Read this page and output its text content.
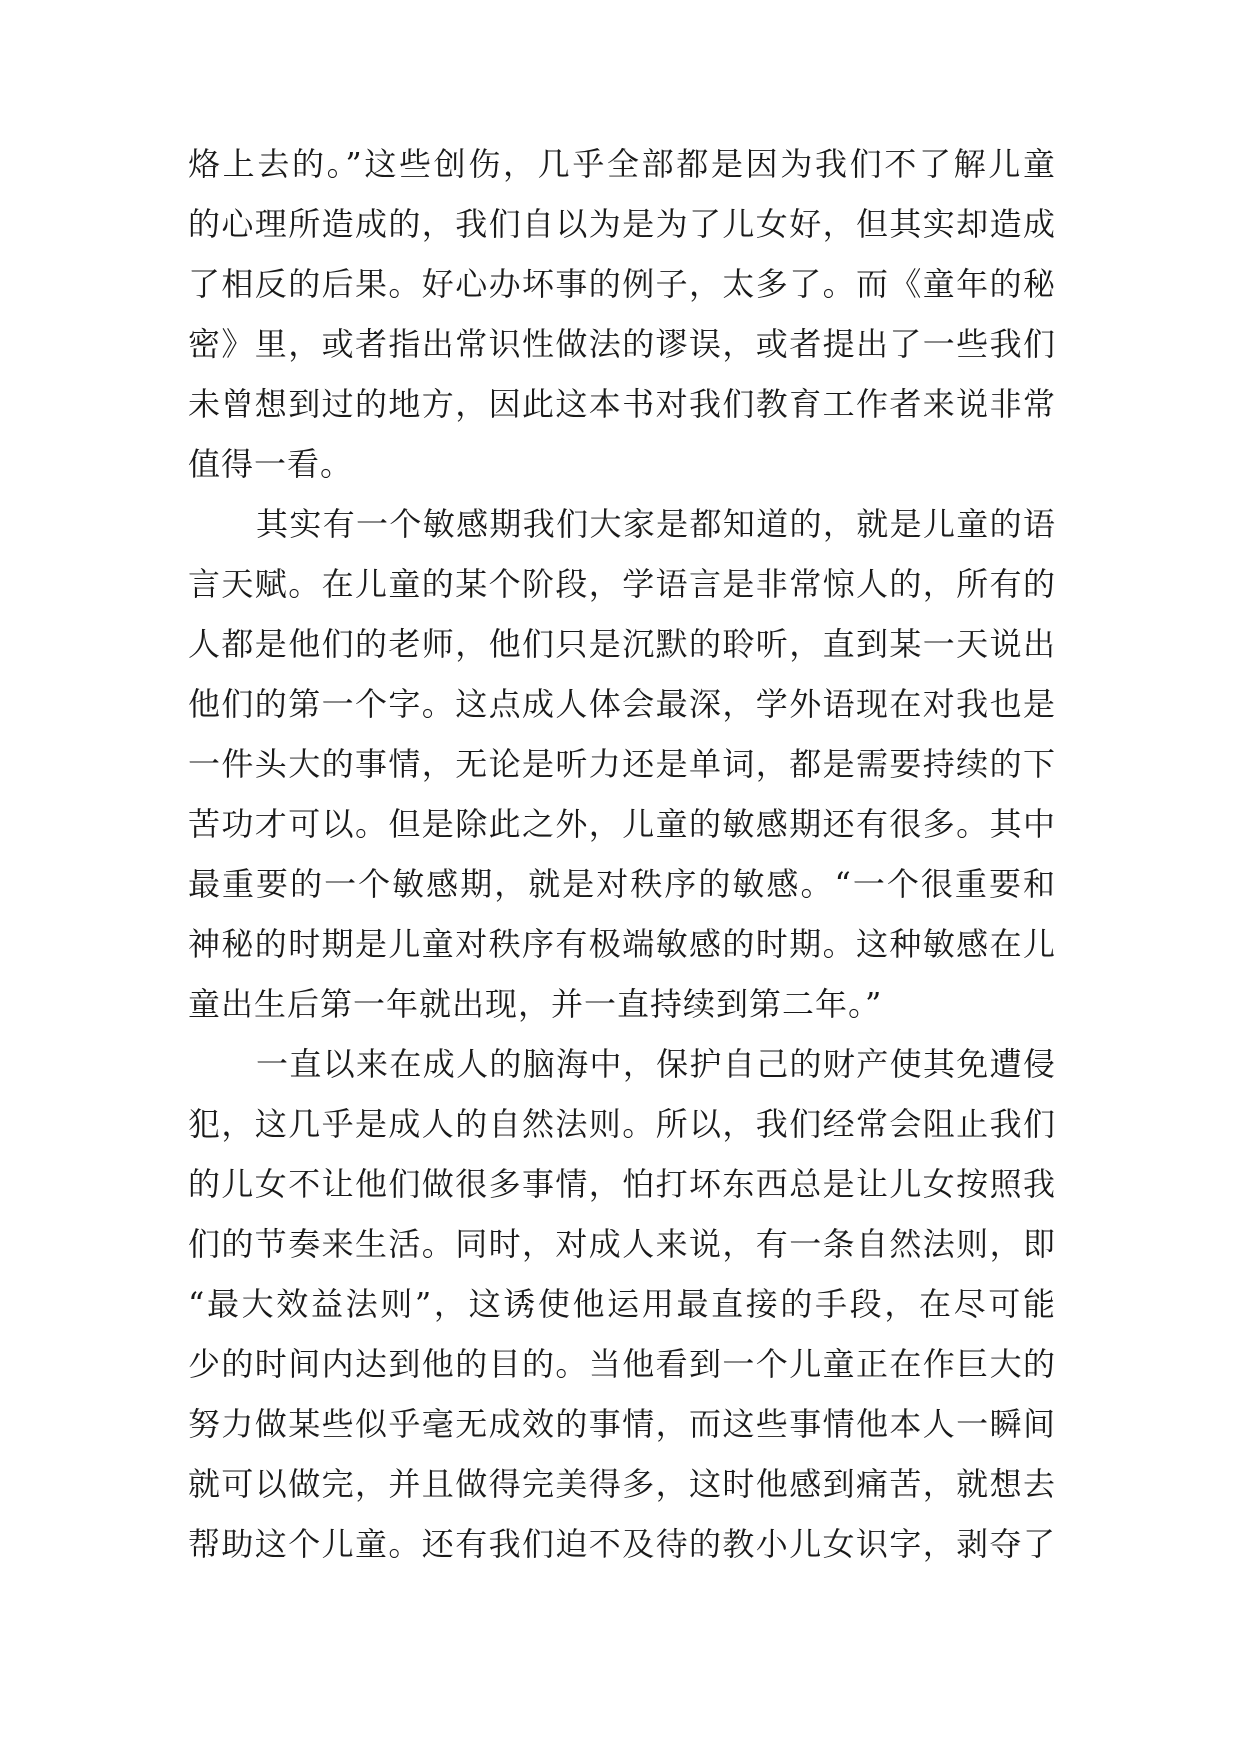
烙上去的。”这些创伤，几乎全部都是因为我们不了解儿童
的心理所造成的，我们自以为是为了儿女好，但其实却造成
了相反的后果。好心办坏事的例子，太多了。而《童年的秘
密》里，或者指出常识性做法的谬误，或者提出了一些我们
未曾想到过的地方，因此这本书对我们教育工作者来说非常
值得一看。
其实有一个敏感期我们大家是都知道的，就是儿童的语
言天赋。在儿童的某个阶段，学语言是非常惊人的，所有的
人都是他们的老师，他们只是沉默的聆听，直到某一天说出
他们的第一个字。这点成人体会最深，学外语现在对我也是
一件头大的事情，无论是听力还是单词，都是需要持续的下
苦功才可以。但是除此之外，儿童的敏感期还有很多。其中
最重要的一个敏感期，就是对秩序的敏感。“一个很重要和
神秘的时期是儿童对秩序有极端敏感的时期。这种敏感在儿
童出生后第一年就出现，并一直持续到第二年。”
一直以来在成人的脑海中，保护自己的财产使其免遭侵
犯，这几乎是成人的自然法则。所以，我们经常会阻止我们
的儿女不让他们做很多事情，怕打坏东西总是让儿女按照我
们的节奏来生活。同时，对成人来说，有一条自然法则，即
“最大效益法则”，这诱使他运用最直接的手段，在尽可能
少的时间内达到他的目的。当他看到一个儿童正在作巨大的
努力做某些似乎毫无成效的事情，而这些事情他本人一瞬间
就可以做完，并且做得完美得多，这时他感到痛苦，就想去
帮助这个儿童。还有我们迫不及待的教小儿女识字，剥夺了
